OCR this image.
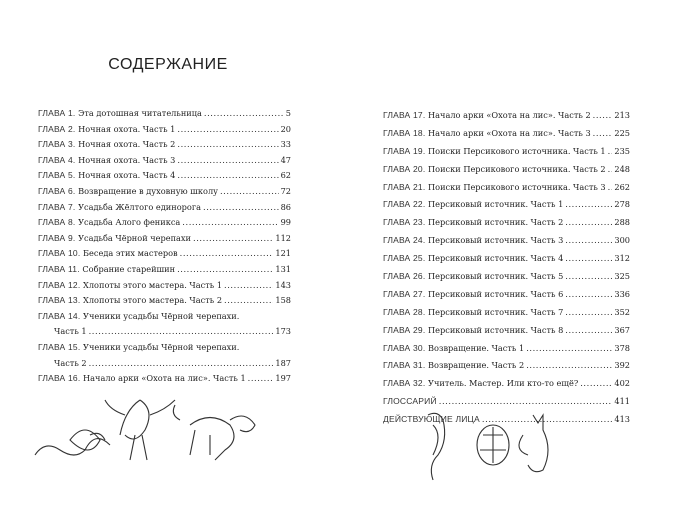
СОДЕРЖАНИЕ
ГЛАВА 1. Эта дотошная читательница .....	5
ГЛАВА 2. Ночная охота. Часть 1 .....	20
ГЛАВА 3. Ночная охота. Часть 2 .....	33
ГЛАВА 4. Ночная охота. Часть 3 .....	47
ГЛАВА 5. Ночная охота. Часть 4 .....	62
ГЛАВА 6. Возвращение в духовную школу .....	72
ГЛАВА 7. Усадьба Жёлтого единорога .....	86
ГЛАВА 8. Усадьба Алого феникса .....	99
ГЛАВА 9. Усадьба Чёрной черепахи .....	112
ГЛАВА 10. Беседа этих мастеров .....	121
ГЛАВА 11. Собрание старейшин .....	131
ГЛАВА 12. Хлопоты этого мастера. Часть 1 .....	143
ГЛАВА 13. Хлопоты этого мастера. Часть 2 .....	158
ГЛАВА 14. Ученики усадьбы Чёрной черепахи.
Часть 1 .....	173
ГЛАВА 15. Ученики усадьбы Чёрной черепахи.
Часть 2 .....	187
ГЛАВА 16. Начало арки «Охота на лис». Часть 1 .....	197
ГЛАВА 17. Начало арки «Охота на лис». Часть 2 .....	213
ГЛАВА 18. Начало арки «Охота на лис». Часть 3 .....	225
ГЛАВА 19. Поиски Персикового источника. Часть 1 ..... 235
ГЛАВА 20. Поиски Персикового источника. Часть 2 ..... 248
ГЛАВА 21. Поиски Персикового источника. Часть 3 ..... 262
ГЛАВА 22. Персиковый источник. Часть 1 .....	278
ГЛАВА 23. Персиковый источник. Часть 2 .....	288
ГЛАВА 24. Персиковый источник. Часть 3 .....	300
ГЛАВА 25. Персиковый источник. Часть 4 .....	312
ГЛАВА 26. Персиковый источник. Часть 5 .....	325
ГЛАВА 27. Персиковый источник. Часть 6 .....	336
ГЛАВА 28. Персиковый источник. Часть 7 .....	352
ГЛАВА 29. Персиковый источник. Часть 8 .....	367
ГЛАВА 30. Возвращение. Часть 1 .....	378
ГЛАВА 31. Возвращение. Часть 2 .....	392
ГЛАВА 32. Учитель. Мастер. Или кто-то ещё? .....	402
ГЛОССАРИЙ .....	411
ДЕЙСТВУЮЩИЕ ЛИЦА .....	413
